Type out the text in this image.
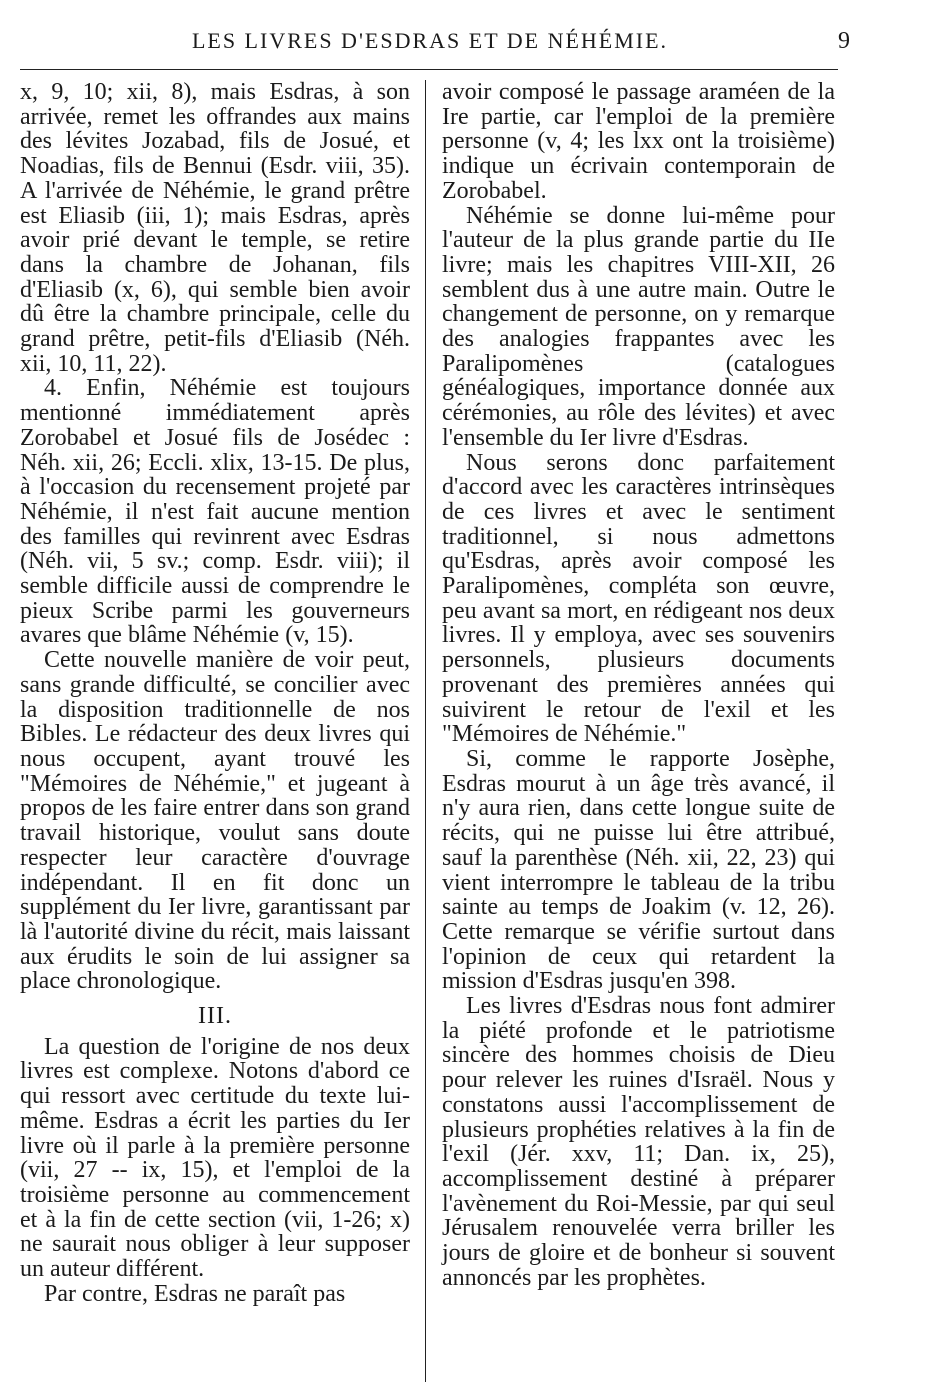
LES LIVRES D'ESDRAS ET DE NÉHÉMIE.	9

x, 9, 10; xii, 8), mais Esdras, à son arrivée, remet les offrandes aux mains des lévites Jozabad, fils de Josué, et Noadias, fils de Bennui (Esdr. viii, 35). A l'arrivée de Néhémie, le grand prêtre est Eliasib (iii, 1); mais Esdras, après avoir prié devant le temple, se retire dans la chambre de Johanan, fils d'Eliasib (x, 6), qui semble bien avoir dû être la chambre principale, celle du grand prêtre, petit-fils d'Eliasib (Néh. xii, 10, 11, 22).

4. Enfin, Néhémie est toujours mentionné immédiatement après Zorobabel et Josué fils de Josédec : Néh. xii, 26; Eccli. xlix, 13-15. De plus, à l'occasion du recensement projeté par Néhémie, il n'est fait aucune mention des familles qui revinrent avec Esdras (Néh. vii, 5 sv.; comp. Esdr. viii); il semble difficile aussi de comprendre le pieux Scribe parmi les gouverneurs avares que blâme Néhémie (v, 15).

Cette nouvelle manière de voir peut, sans grande difficulté, se concilier avec la disposition traditionnelle de nos Bibles. Le rédacteur des deux livres qui nous occupent, ayant trouvé les "Mémoires de Néhémie," et jugeant à propos de les faire entrer dans son grand travail historique, voulut sans doute respecter leur caractère d'ouvrage indépendant. Il en fit donc un supplément du Ier livre, garantissant par là l'autorité divine du récit, mais laissant aux érudits le soin de lui assigner sa place chronologique.

III.

La question de l'origine de nos deux livres est complexe. Notons d'abord ce qui ressort avec certitude du texte lui-même. Esdras a écrit les parties du Ier livre où il parle à la première personne (vii, 27 -- ix, 15), et l'emploi de la troisième personne au commencement et à la fin de cette section (vii, 1-26; x) ne saurait nous obliger à leur supposer un auteur différent.

Par contre, Esdras ne paraît pas

avoir composé le passage araméen de la Ire partie, car l'emploi de la première personne (v, 4; les lxx ont la troisième) indique un écrivain contemporain de Zorobabel.

Néhémie se donne lui-même pour l'auteur de la plus grande partie du IIe livre; mais les chapitres VIII-XII, 26 semblent dus à une autre main. Outre le changement de personne, on y remarque des analogies frappantes avec les Paralipomènes (catalogues généalogiques, importance donnée aux cérémonies, au rôle des lévites) et avec l'ensemble du Ier livre d'Esdras.

Nous serons donc parfaitement d'accord avec les caractères intrinsèques de ces livres et avec le sentiment traditionnel, si nous admettons qu'Esdras, après avoir composé les Paralipomènes, compléta son œuvre, peu avant sa mort, en rédigeant nos deux livres. Il y employa, avec ses souvenirs personnels, plusieurs documents provenant des premières années qui suivirent le retour de l'exil et les "Mémoires de Néhémie."

Si, comme le rapporte Josèphe, Esdras mourut à un âge très avancé, il n'y aura rien, dans cette longue suite de récits, qui ne puisse lui être attribué, sauf la parenthèse (Néh. xii, 22, 23) qui vient interrompre le tableau de la tribu sainte au temps de Joakim (v. 12, 26). Cette remarque se vérifie surtout dans l'opinion de ceux qui retardent la mission d'Esdras jusqu'en 398.

Les livres d'Esdras nous font admirer la piété profonde et le patriotisme sincère des hommes choisis de Dieu pour relever les ruines d'Israël. Nous y constatons aussi l'accomplissement de plusieurs prophéties relatives à la fin de l'exil (Jér. xxv, 11; Dan. ix, 25), accomplissement destiné à préparer l'avènement du Roi-Messie, par qui seul Jérusalem renouvelée verra briller les jours de gloire et de bonheur si souvent annoncés par les prophètes.
